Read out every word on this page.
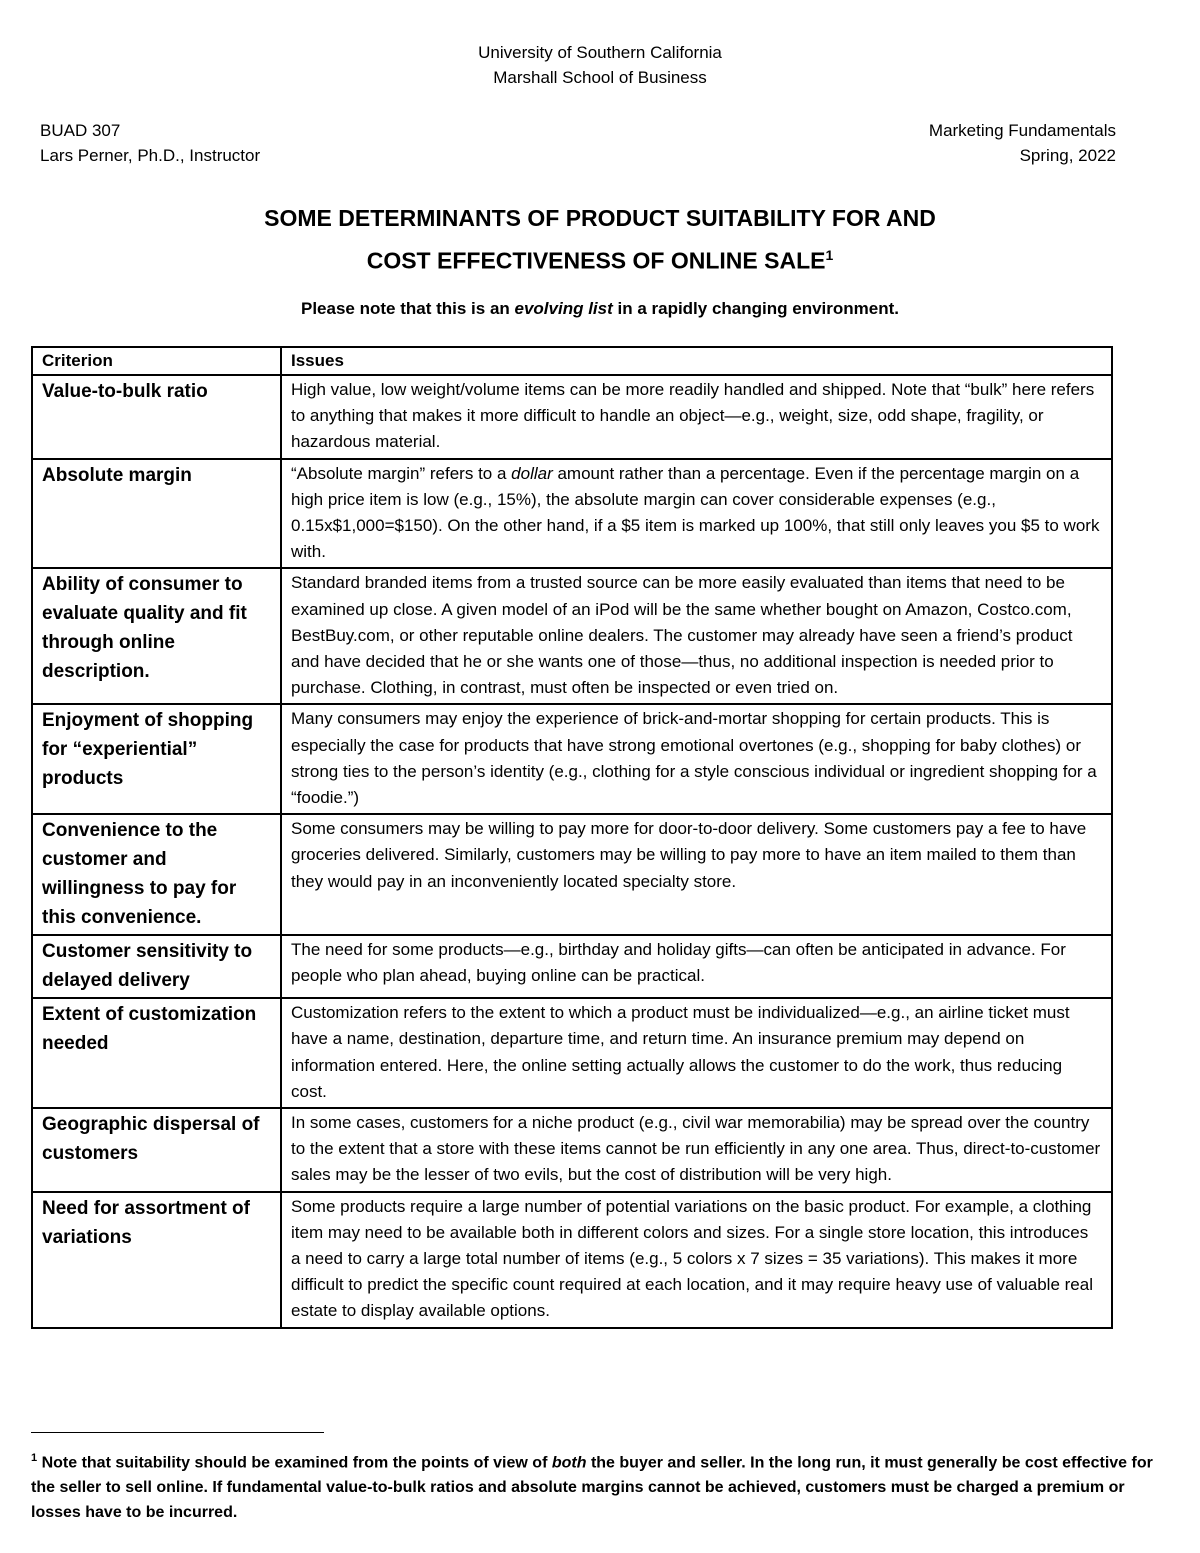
University of Southern California
Marshall School of Business
BUAD 307
Lars Perner, Ph.D., Instructor
Marketing Fundamentals
Spring, 2022
SOME DETERMINANTS OF PRODUCT SUITABILITY FOR AND
COST EFFECTIVENESS OF ONLINE SALE$^1$
Please note that this is an evolving list in a rapidly changing environment.
Criterion	Issues
Value-to-bulk ratio	High value, low weight/volume items can be more readily handled and shipped. Note that “bulk” here refers to anything that makes it more difficult to handle an object—e.g., weight, size, odd shape, fragility, or hazardous material.
Absolute margin	“Absolute margin” refers to a dollar amount rather than a percentage. Even if the percentage margin on a high price item is low (e.g., 15%), the absolute margin can cover considerable expenses (e.g., 0.15x$1,000=$150). On the other hand, if a $5 item is marked up 100%, that still only leaves you $5 to work with.
Ability of consumer to evaluate quality and fit through online description.	Standard branded items from a trusted source can be more easily evaluated than items that need to be examined up close. A given model of an iPod will be the same whether bought on Amazon, Costco.com, BestBuy.com, or other reputable online dealers. The customer may already have seen a friend’s product and have decided that he or she wants one of those—thus, no additional inspection is needed prior to purchase. Clothing, in contrast, must often be inspected or even tried on.
Enjoyment of shopping for “experiential” products	Many consumers may enjoy the experience of brick-and-mortar shopping for certain products. This is especially the case for products that have strong emotional overtones (e.g., shopping for baby clothes) or strong ties to the person’s identity (e.g., clothing for a style conscious individual or ingredient shopping for a “foodie.”)
Convenience to the customer and willingness to pay for this convenience.	Some consumers may be willing to pay more for door-to-door delivery. Some customers pay a fee to have groceries delivered. Similarly, customers may be willing to pay more to have an item mailed to them than they would pay in an inconveniently located specialty store.
Customer sensitivity to delayed delivery	The need for some products—e.g., birthday and holiday gifts—can often be anticipated in advance. For people who plan ahead, buying online can be practical.
Extent of customization needed	Customization refers to the extent to which a product must be individualized—e.g., an airline ticket must have a name, destination, departure time, and return time. An insurance premium may depend on information entered. Here, the online setting actually allows the customer to do the work, thus reducing cost.
Geographic dispersal of customers	In some cases, customers for a niche product (e.g., civil war memorabilia) may be spread over the country to the extent that a store with these items cannot be run efficiently in any one area. Thus, direct-to-customer sales may be the lesser of two evils, but the cost of distribution will be very high.
Need for assortment of variations	Some products require a large number of potential variations on the basic product. For example, a clothing item may need to be available both in different colors and sizes. For a single store location, this introduces a need to carry a large total number of items (e.g., 5 colors x 7 sizes = 35 variations). This makes it more difficult to predict the specific count required at each location, and it may require heavy use of valuable real estate to display available options.
$^1$ Note that suitability should be examined from the points of view of both the buyer and seller. In the long run, it must generally be cost effective for the seller to sell online. If fundamental value-to-bulk ratios and absolute margins cannot be achieved, customers must be charged a premium or losses have to be incurred.
